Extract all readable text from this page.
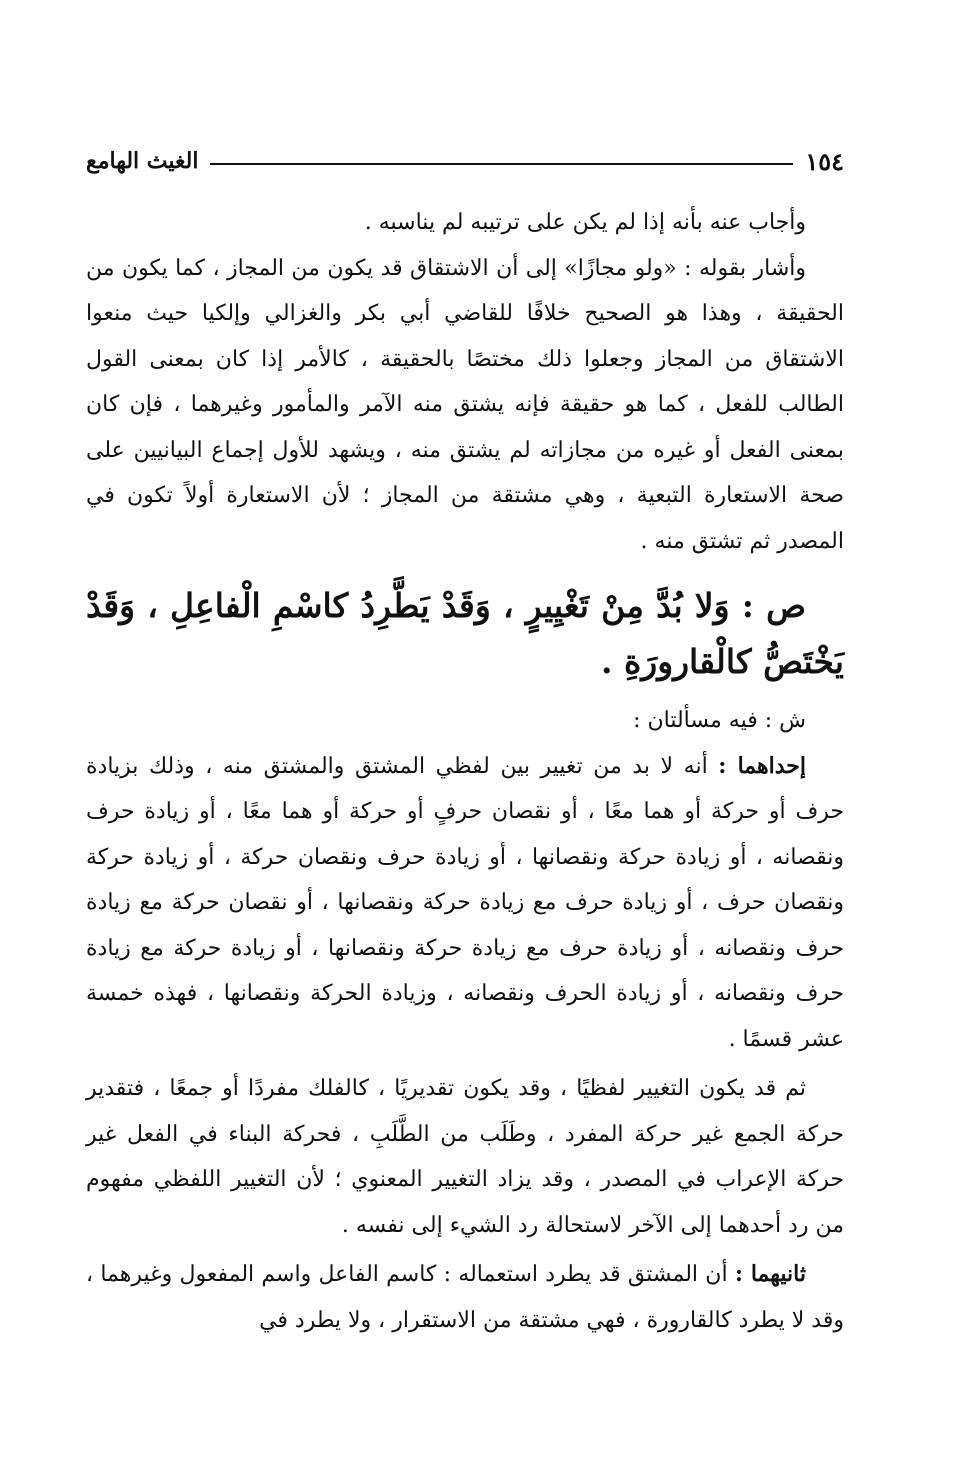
١٥٤
الغيث الهامع

وأجاب عنه بأنه إذا لم يكن على ترتيبه لم يناسبه .

وأشار بقوله : «ولو مجازًا» إلى أن الاشتقاق قد يكون من المجاز ، كما يكون من الحقيقة ، وهذا هو الصحيح خلافًا للقاضي أبي بكر والغزالي وإلكيا حيث منعوا الاشتقاق من المجاز وجعلوا ذلك مختصًا بالحقيقة ، كالأمر إذا كان بمعنى القول الطالب للفعل ، كما هو حقيقة فإنه يشتق منه الآمر والمأمور وغيرهما ، فإن كان بمعنى الفعل أو غيره من مجازاته لم يشتق منه ، ويشهد للأول إجماع البيانيين على صحة الاستعارة التبعية ، وهي مشتقة من المجاز ؛ لأن الاستعارة أولاً تكون في المصدر ثم تشتق منه .

ص : وَلا بُدَّ مِنْ تَغْيِيرٍ ، وَقَدْ يَطَّرِدُ كاسْمِ الْفاعِلِ ، وَقَدْ يَخْتَصُّ كالْقارورَةِ .

ش : فيه مسألتان :

إحداهما : أنه لا بد من تغيير بين لفظي المشتق والمشتق منه ، وذلك بزيادة حرف أو حركة أو هما معًا ، أو نقصان حرفٍ أو حركة أو هما معًا ، أو زيادة حرف ونقصانه ، أو زيادة حركة ونقصانها ، أو زيادة حرف ونقصان حركة ، أو زيادة حركة ونقصان حرف ، أو زيادة حرف مع زيادة حركة ونقصانها ، أو نقصان حركة مع زيادة حرف ونقصانه ، أو زيادة حرف مع زيادة حركة ونقصانها ، أو زيادة حركة مع زيادة حرف ونقصانه ، أو زيادة الحرف ونقصانه ، وزيادة الحركة ونقصانها ، فهذه خمسة عشر قسمًا .

ثم قد يكون التغيير لفظيًا ، وقد يكون تقديريًا ، كالفلك مفردًا أو جمعًا ، فتقدير حركة الجمع غير حركة المفرد ، وطَلَب من الطَّلَبِ ، فحركة البناء في الفعل غير حركة الإعراب في المصدر ، وقد يزاد التغيير المعنوي ؛ لأن التغيير اللفظي مفهوم من رد أحدهما إلى الآخر لاستحالة رد الشيء إلى نفسه .

ثانيهما : أن المشتق قد يطرد استعماله : كاسم الفاعل واسم المفعول وغيرهما ، وقد لا يطرد كالقارورة ، فهي مشتقة من الاستقرار ، ولا يطرد في
